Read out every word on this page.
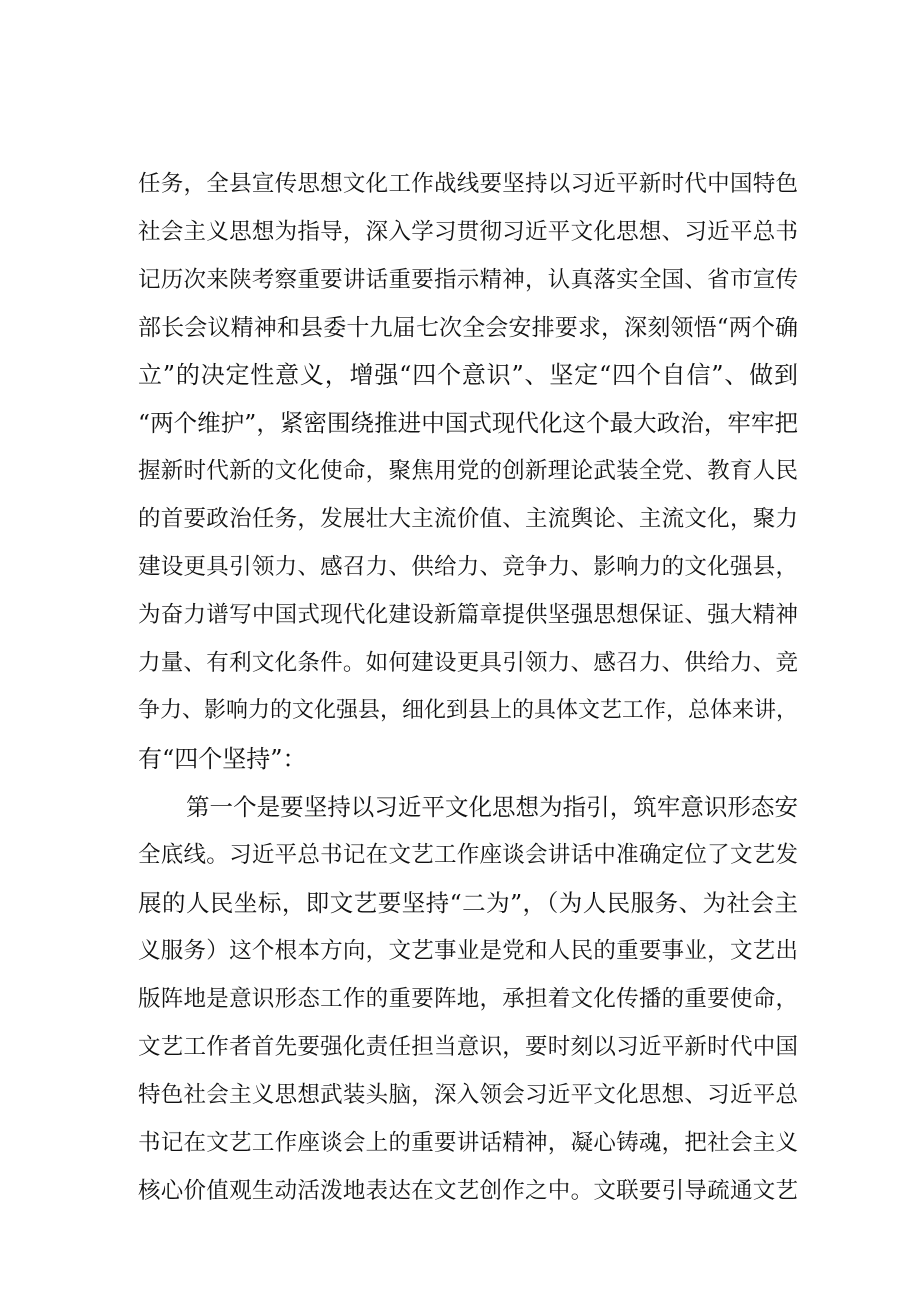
任务，全县宣传思想文化工作战线要坚持以习近平新时代中国特色
社会主义思想为指导，深入学习贯彻习近平文化思想、习近平总书
记历次来陕考察重要讲话重要指示精神，认真落实全国、省市宣传
部长会议精神和县委十九届七次全会安排要求，深刻领悟“两个确
立”的决定性意义，增强“四个意识”、坚定“四个自信”、做到
“两个维护”，紧密围绕推进中国式现代化这个最大政治，牢牢把
握新时代新的文化使命，聚焦用党的创新理论武装全党、教育人民
的首要政治任务，发展壮大主流价值、主流舆论、主流文化，聚力
建设更具引领力、感召力、供给力、竞争力、影响力的文化强县，
为奋力谱写中国式现代化建设新篇章提供坚强思想保证、强大精神
力量、有利文化条件。如何建设更具引领力、感召力、供给力、竞
争力、影响力的文化强县，细化到县上的具体文艺工作，总体来讲，
有“四个坚持”：
第一个是要坚持以习近平文化思想为指引，筑牢意识形态安
全底线。习近平总书记在文艺工作座谈会讲话中准确定位了文艺发
展的人民坐标，即文艺要坚持“二为”，（为人民服务、为社会主
义服务）这个根本方向，文艺事业是党和人民的重要事业，文艺出
版阵地是意识形态工作的重要阵地，承担着文化传播的重要使命，
文艺工作者首先要强化责任担当意识，要时刻以习近平新时代中国
特色社会主义思想武装头脑，深入领会习近平文化思想、习近平总
书记在文艺工作座谈会上的重要讲话精神，凝心铸魂，把社会主义
核心价值观生动活泼地表达在文艺创作之中。文联要引导疏通文艺
